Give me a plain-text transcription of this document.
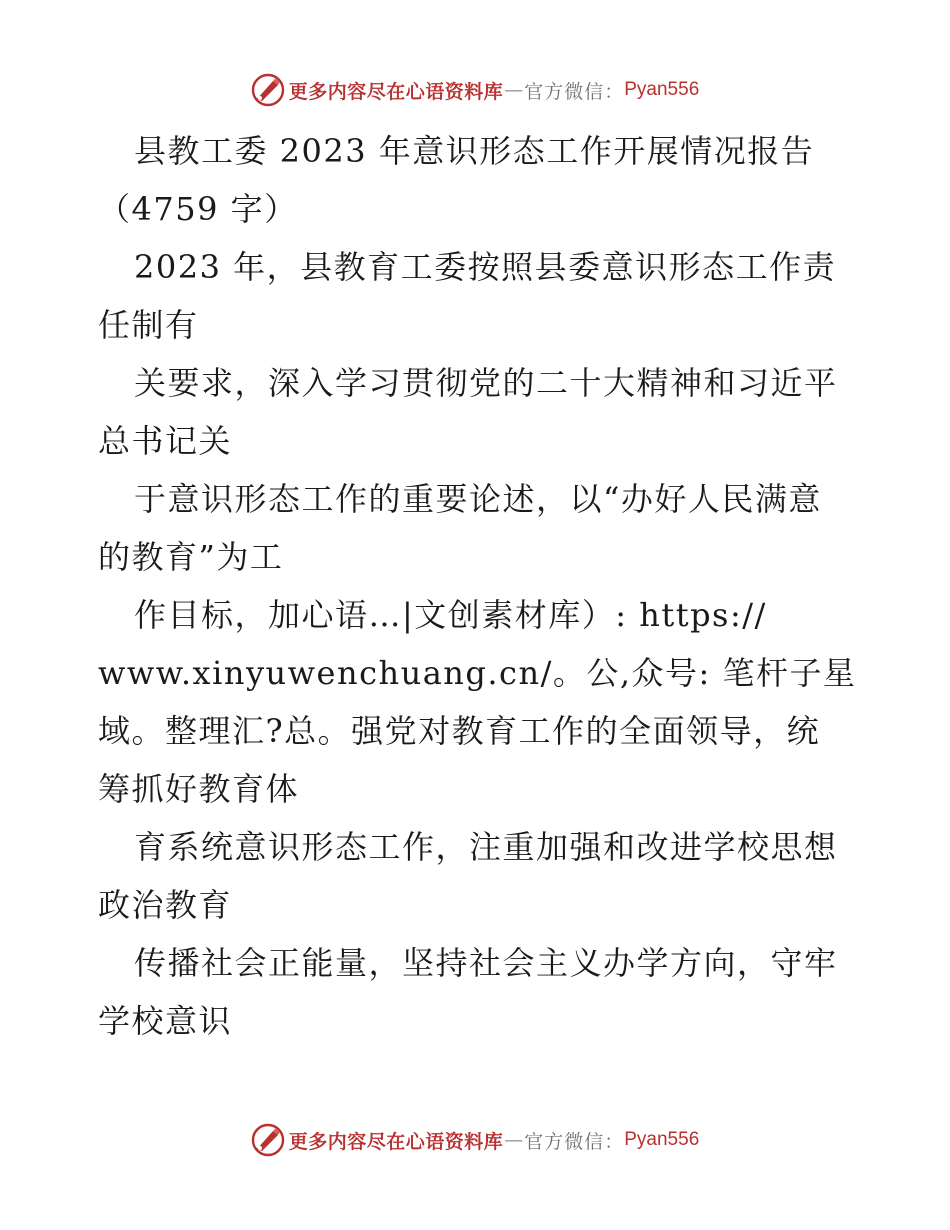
更多内容尽在心语资料库 — 官方微信： Pyan556
县教工委 2023 年意识形态工作开展情况报告
（4759 字）
2023 年，县教育工委按照县委意识形态工作责
任制有
关要求，深入学习贯彻党的二十大精神和习近平
总书记关
于意识形态工作的重要论述，以“办好人民满意
的教育”为工
作目标，加心语…|文创素材库）: https://
www.xinyuwenchuang.cn/。公,众号: 笔杆子星
域。整理汇?总。强党对教育工作的全面领导，统
筹抓好教育体
育系统意识形态工作，注重加强和改进学校思想
政治教育
传播社会正能量，坚持社会主义办学方向，守牢
学校意识
更多内容尽在心语资料库 — 官方微信： Pyan556
